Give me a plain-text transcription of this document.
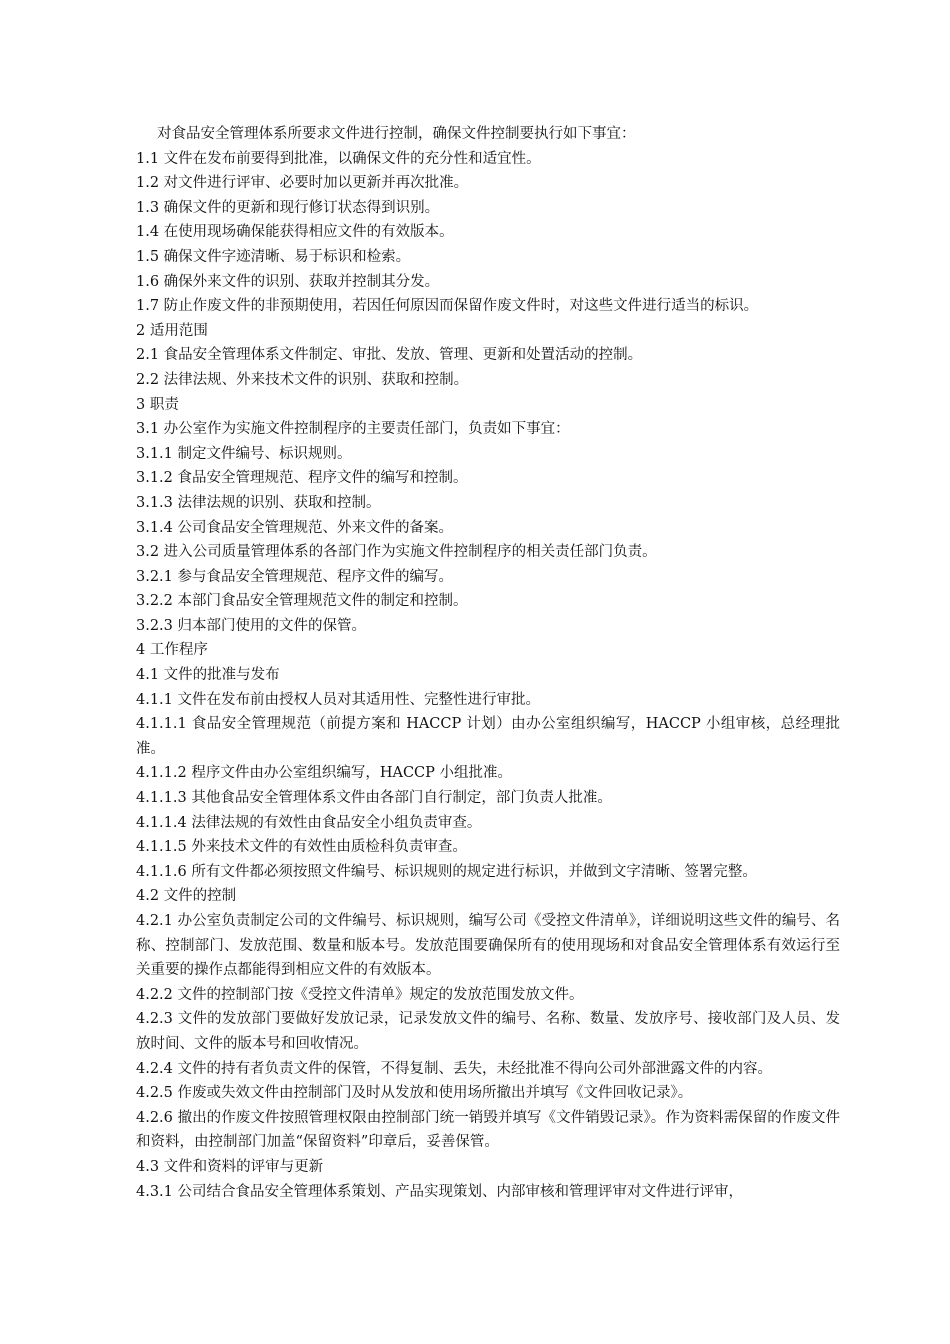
对食品安全管理体系所要求文件进行控制，确保文件控制要执行如下事宜：

1.1 文件在发布前要得到批准，以确保文件的充分性和适宜性。

1.2 对文件进行评审、必要时加以更新并再次批准。

1.3 确保文件的更新和现行修订状态得到识别。

1.4 在使用现场确保能获得相应文件的有效版本。

1.5 确保文件字迹清晰、易于标识和检索。

1.6 确保外来文件的识别、获取并控制其分发。

1.7 防止作废文件的非预期使用，若因任何原因而保留作废文件时，对这些文件进行适当的标识。

2 适用范围

2.1 食品安全管理体系文件制定、审批、发放、管理、更新和处置活动的控制。

2.2 法律法规、外来技术文件的识别、获取和控制。

3 职责

3.1 办公室作为实施文件控制程序的主要责任部门，负责如下事宜：

3.1.1 制定文件编号、标识规则。

3.1.2 食品安全管理规范、程序文件的编写和控制。

3.1.3 法律法规的识别、获取和控制。

3.1.4 公司食品安全管理规范、外来文件的备案。

3.2 进入公司质量管理体系的各部门作为实施文件控制程序的相关责任部门负责。

3.2.1 参与食品安全管理规范、程序文件的编写。

3.2.2 本部门食品安全管理规范文件的制定和控制。

3.2.3 归本部门使用的文件的保管。

4 工作程序

4.1 文件的批准与发布

4.1.1 文件在发布前由授权人员对其适用性、完整性进行审批。

4.1.1.1 食品安全管理规范（前提方案和 HACCP 计划）由办公室组织编写，HACCP 小组审核，总经理批准。

4.1.1.2 程序文件由办公室组织编写，HACCP 小组批准。

4.1.1.3 其他食品安全管理体系文件由各部门自行制定，部门负责人批准。

4.1.1.4 法律法规的有效性由食品安全小组负责审查。

4.1.1.5 外来技术文件的有效性由质检科负责审查。

4.1.1.6 所有文件都必须按照文件编号、标识规则的规定进行标识，并做到文字清晰、签署完整。

4.2 文件的控制

4.2.1 办公室负责制定公司的文件编号、标识规则，编写公司《受控文件清单》，详细说明这些文件的编号、名称、控制部门、发放范围、数量和版本号。发放范围要确保所有的使用现场和对食品安全管理体系有效运行至关重要的操作点都能得到相应文件的有效版本。

4.2.2 文件的控制部门按《受控文件清单》规定的发放范围发放文件。

4.2.3 文件的发放部门要做好发放记录，记录发放文件的编号、名称、数量、发放序号、接收部门及人员、发放时间、文件的版本号和回收情况。

4.2.4 文件的持有者负责文件的保管，不得复制、丢失，未经批准不得向公司外部泄露文件的内容。

4.2.5 作废或失效文件由控制部门及时从发放和使用场所撤出并填写《文件回收记录》。

4.2.6 撤出的作废文件按照管理权限由控制部门统一销毁并填写《文件销毁记录》。作为资料需保留的作废文件和资料，由控制部门加盖“保留资料”印章后，妥善保管。

4.3 文件和资料的评审与更新

4.3.1 公司结合食品安全管理体系策划、产品实现策划、内部审核和管理评审对文件进行评审，
